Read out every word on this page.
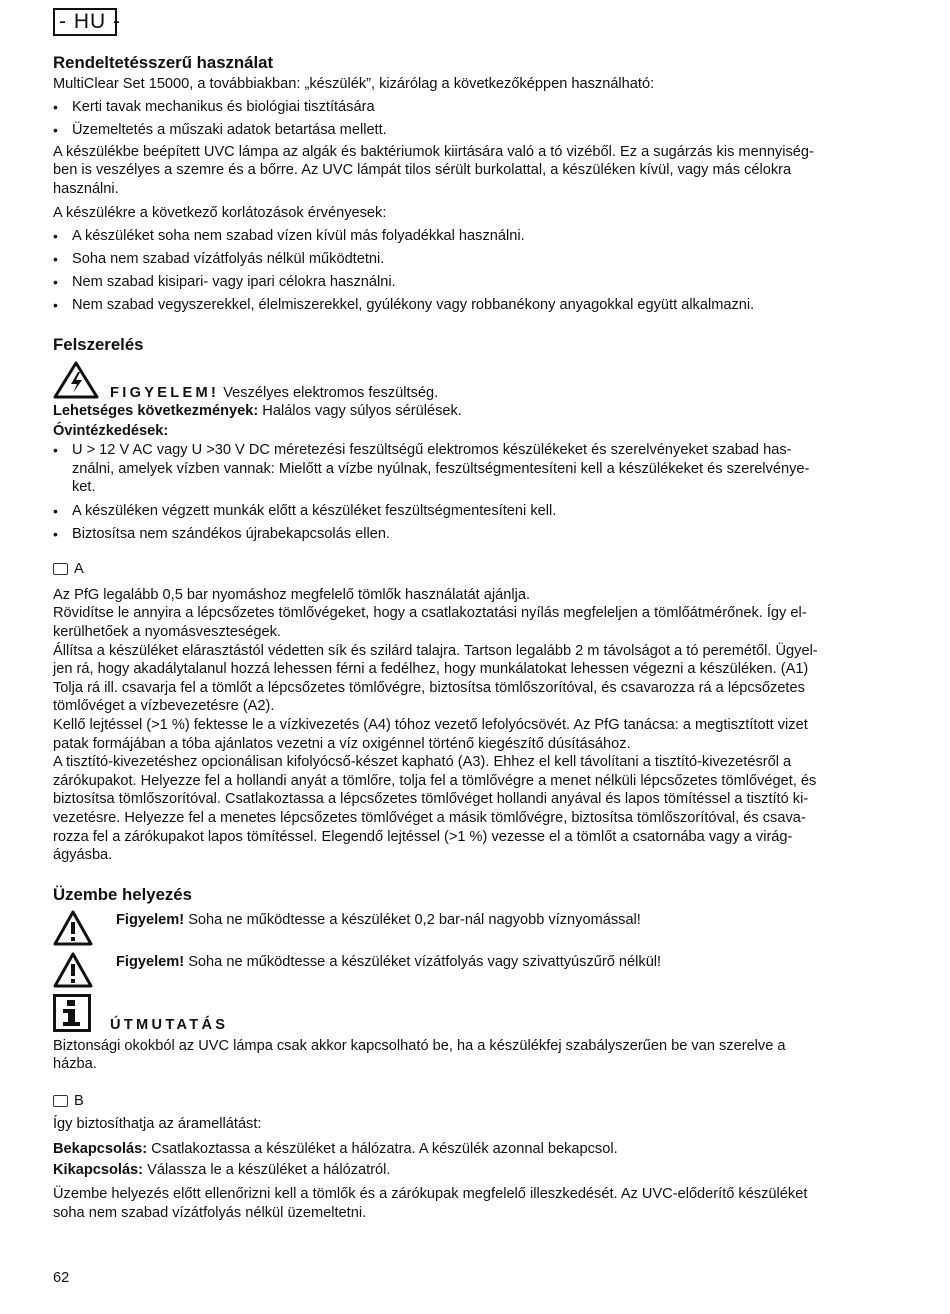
- HU -
Rendeltetésszerű használat

MultiClear Set 15000, a továbbiakban: „készülék”, kizárólag a következőképpen használható:

• Kerti tavak mechanikus és biológiai tisztítására
• Üzemeltetés a műszaki adatok betartása mellett.

A készülékbe beépített UVC lámpa az algák és baktériumok kiirtására való a tó vizéből. Ez a sugárzás kis mennyiség-

ben is veszélyes a szemre és a bőrre. Az UVC lámpát tilos sérült burkolattal, a készüléken kívül, vagy más célokra

használni.

A készülékre a következő korlátozások érvényesek:

• A készüléket soha nem szabad vízen kívül más folyadékkal használni.
• Soha nem szabad vízátfolyás nélkül működtetni.
• Nem szabad kisipari- vagy ipari célokra használni.
• Nem szabad vegyszerekkel, élelmiszerekkel, gyúlékony vagy robbanékony anyagokkal együtt alkalmazni.
Felszerelés
FIGYELEM! Veszélyes elektromos feszültség.

Lehetséges következmények: Halálos vagy súlyos sérülések.

Óvintézkedések:

• U > 12 V AC vagy U >30 V DC méretezési feszültségű elektromos készülékeket és szerelvényeket szabad has-
ználni, amelyek vízben vannak: Mielőtt a vízbe nyúlnak, feszültségmentesíteni kell a készülékeket és szerelvénye-
ket.
• A készüléken végzett munkák előtt a készüléket feszültségmentesíteni kell.
• Biztosítsa nem szándékos újrabekapcsolás ellen.
A

Az PfG legalább 0,5 bar nyomáshoz megfelelő tömlők használatát ajánlja.

Rövidítse le annyira a lépcsőzetes tömlővégeket, hogy a csatlakoztatási nyílás megfeleljen a tömlőátmérőnek. Így el-

kerülhetőek a nyomásveszteségek.

Állítsa a készüléket elárasztástól védetten sík és szilárd talajra. Tartson legalább 2 m távolságot a tó peremétől. Ügyel-

jen rá, hogy akadálytalanul hozzá lehessen férni a fedélhez, hogy munkálatokat lehessen végezni a készüléken. (A1)

Tolja rá ill. csavarja fel a tömlőt a lépcsőzetes tömlővégre, biztosítsa tömlőszorítóval, és csavarozza rá a lépcsőzetes

tömlővéget a vízbevezetésre (A2).

Kellő lejtéssel (>1 %) fektesse le a vízkivezetés (A4) tóhoz vezető lefolyócsövét. Az PfG tanácsa: a megtisztított vizet

patak formájában a tóba ajánlatos vezetni a víz oxigénnel történő kiegészítő dúsításához.

A tisztító-kivezetéshez opcionálisan kifolyócső-készet kapható (A3). Ehhez el kell távolítani a tisztító-kivezetésről a

zárókupakot. Helyezze fel a hollandi anyát a tömlőre, tolja fel a tömlővégre a menet nélküli lépcsőzetes tömlővéget, és

biztosítsa tömlőszorítóval. Csatlakoztassa a lépcsőzetes tömlővéget hollandi anyával és lapos tömítéssel a tisztító ki-

vezetésre. Helyezze fel a menetes lépcsőzetes tömlővéget a másik tömlővégre, biztosítsa tömlőszorítóval, és csava-

rozza fel a zárókupakot lapos tömítéssel. Elegendő lejtéssel (>1 %) vezesse el a tömlőt a csatornába vagy a virág-

ágyásba.

Üzembe helyezés
Figyelem! Soha ne működtesse a készüléket 0,2 bar-nál nagyobb víznyomással!
Figyelem! Soha ne működtesse a készüléket vízátfolyás vagy szivattyúszűrő nélkül!
ÚTMUTATÁS

Biztonsági okokból az UVC lámpa csak akkor kapcsolható be, ha a készülékfej szabályszerűen be van szerelve a

házba.

B

Így biztosíthatja az áramellátást:

Bekapcsolás: Csatlakoztassa a készüléket a hálózatra. A készülék azonnal bekapcsol.

Kikapcsolás: Válassza le a készüléket a hálózatról.

Üzembe helyezés előtt ellenőrizni kell a tömlők és a zárókupak megfelelő illeszkedését. Az UVC-előderítő készüléket

soha nem szabad vízátfolyás nélkül üzemeltetni.

62
